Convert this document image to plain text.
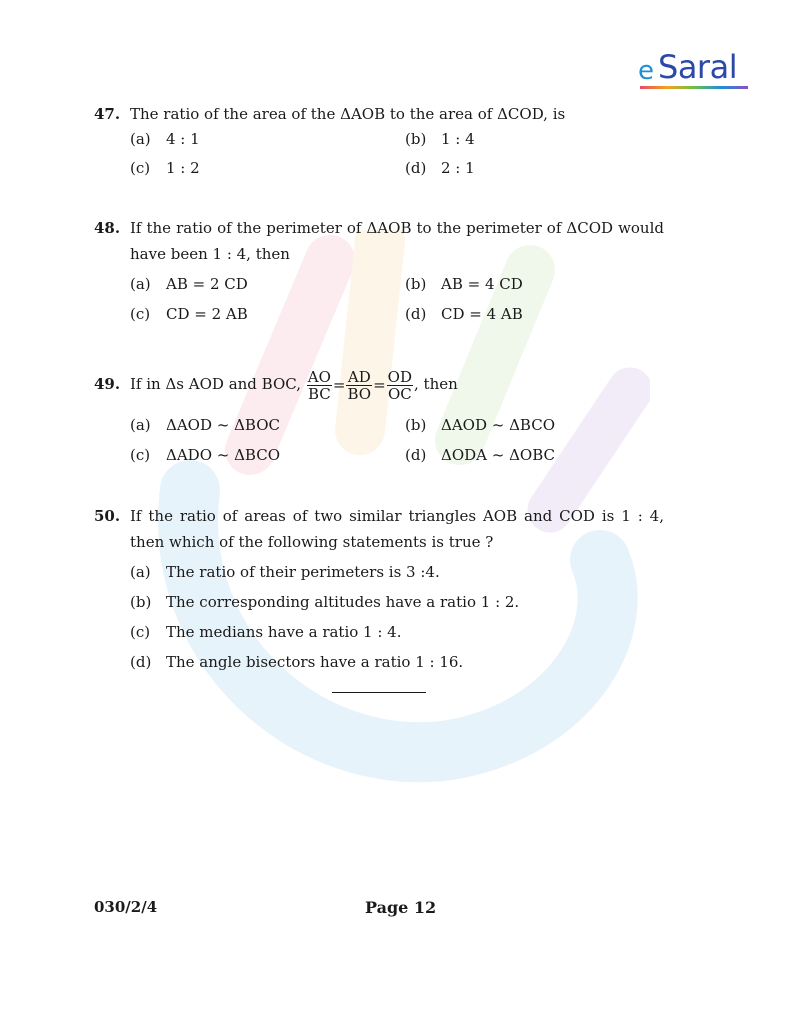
e Saral
47. The ratio of the area of the ΔAOB to the area of ΔCOD, is
(a) 4 : 1	(b) 1 : 4
(c) 1 : 2	(d) 2 : 1
48. If the ratio of the perimeter of ΔAOB to the perimeter of ΔCOD would have been 1 : 4, then
(a) AB = 2 CD	(b) AB = 4 CD
(c) CD = 2 AB	(d) CD = 4 AB
49. If in Δs AOD and BOC, $\frac{AO}{BC} = \frac{AD}{BO} = \frac{OD}{OC}$ , then
(a) ΔAOD ~ ΔBOC	(b) ΔAOD ~ ΔBCO
(c) ΔADO ~ ΔBCO	(d) ΔODA ~ ΔOBC
50. If the ratio of areas of two similar triangles AOB and COD is 1 : 4, then which of the following statements is true ?
(a) The ratio of their perimeters is 3 :4.
(b) The corresponding altitudes have a ratio 1 : 2.
(c) The medians have a ratio 1 : 4.
(d) The angle bisectors have a ratio 1 : 16.
030/2/4	Page 12
